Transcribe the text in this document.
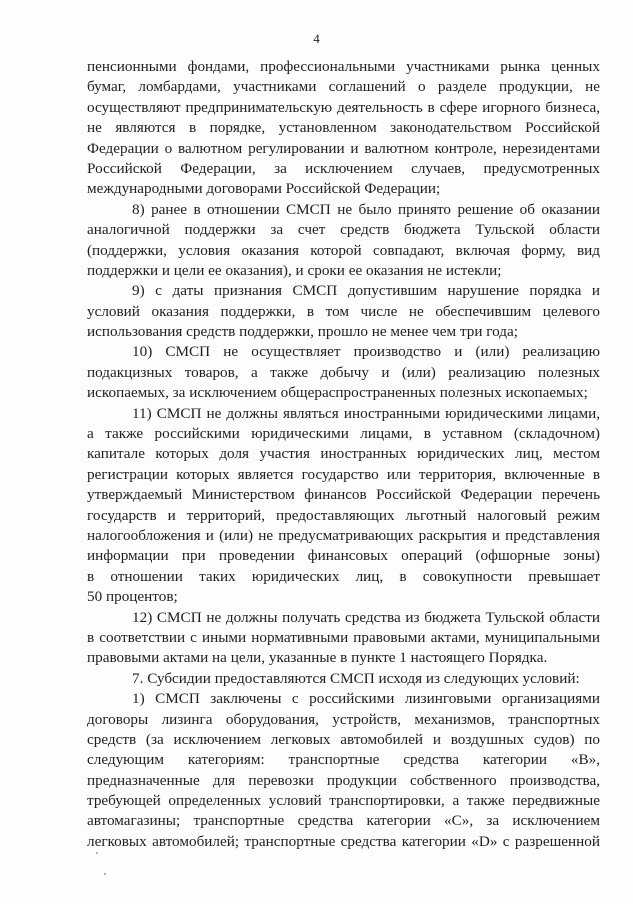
4
пенсионными фондами, профессиональными участниками рынка ценных
бумаг, ломбардами, участниками соглашений о разделе продукции, не
осуществляют предпринимательскую деятельность в сфере игорного бизнеса,
не являются в порядке, установленном законодательством Российской
Федерации о валютном регулировании и валютном контроле, нерезидентами
Российской Федерации, за исключением случаев, предусмотренных
международными договорами Российской Федерации;
8) ранее в отношении СМСП не было принято решение об оказании
аналогичной поддержки за счет средств бюджета Тульской области
(поддержки, условия оказания которой совпадают, включая форму, вид
поддержки и цели ее оказания), и сроки ее оказания не истекли;
9) с даты признания СМСП допустившим нарушение порядка и
условий оказания поддержки, в том числе не обеспечившим целевого
использования средств поддержки, прошло не менее чем три года;
10) СМСП не осуществляет производство и (или) реализацию
подакцизных товаров, а также добычу и (или) реализацию полезных
ископаемых, за исключением общераспространенных полезных ископаемых;
11) СМСП не должны являться иностранными юридическими лицами,
а также российскими юридическими лицами, в уставном (складочном)
капитале которых доля участия иностранных юридических лиц, местом
регистрации которых является государство или территория, включенные в
утверждаемый Министерством финансов Российской Федерации перечень
государств и территорий, предоставляющих льготный налоговый режим
налогообложения и (или) не предусматривающих раскрытия и представления
информации при проведении финансовых операций (офшорные зоны)
в отношении таких юридических лиц, в совокупности превышает
50 процентов;
12) СМСП не должны получать средства из бюджета Тульской области
в соответствии с иными нормативными правовыми актами, муниципальными
правовыми актами на цели, указанные в пункте 1 настоящего Порядка.
7. Субсидии предоставляются СМСП исходя из следующих условий:
1) СМСП заключены с российскими лизинговыми организациями
договоры лизинга оборудования, устройств, механизмов, транспортных
средств (за исключением легковых автомобилей и воздушных судов) по
следующим категориям: транспортные средства категории «В»,
предназначенные для перевозки продукции собственного производства,
требующей определенных условий транспортировки, а также передвижные
автомагазины; транспортные средства категории «С», за исключением
легковых автомобилей; транспортные средства категории «D» с разрешенной
